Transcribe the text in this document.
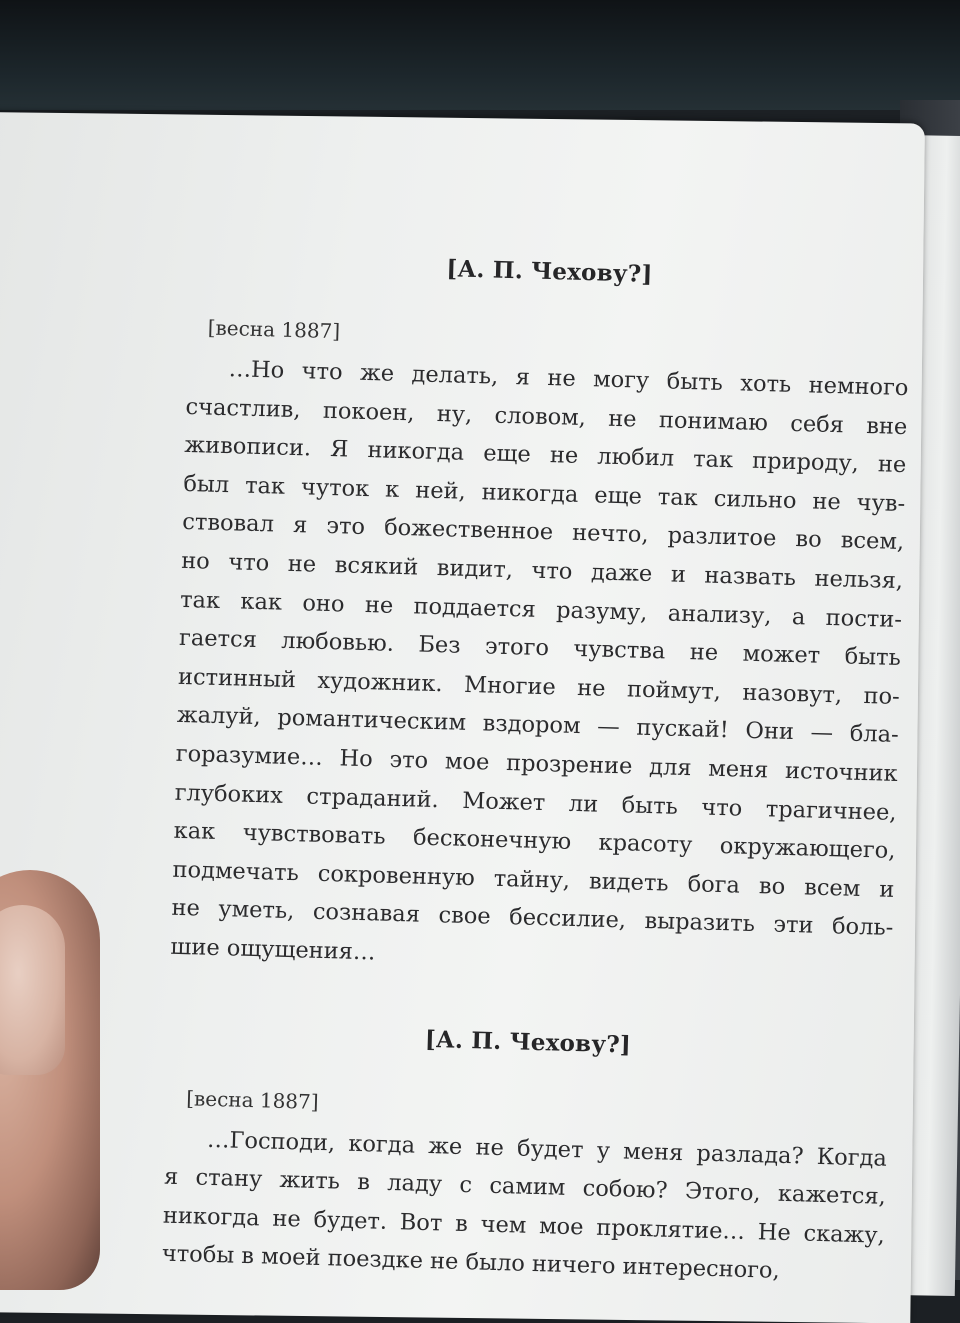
[А. П. Чехову?]
[весна 1887]
…Но что же делать, я не могу быть хоть немного
счастлив, покоен, ну, словом, не понимаю себя вне
живописи. Я никогда еще не любил так природу, не
был так чуток к ней, никогда еще так сильно не чув-
ствовал я это божественное нечто, разлитое во всем,
но что не всякий видит, что даже и назвать нельзя,
так как оно не поддается разуму, анализу, а пости-
гается любовью. Без этого чувства не может быть
истинный художник. Многие не поймут, назовут, по-
жалуй, романтическим вздором — пускай! Они — бла-
горазумие… Но это мое прозрение для меня источник
глубоких страданий. Может ли быть что трагичнее,
как чувствовать бесконечную красоту окружающего,
подмечать сокровенную тайну, видеть бога во всем и
не уметь, сознавая свое бессилие, выразить эти боль-
шие ощущения…
[А. П. Чехову?]
[весна 1887]
…Господи, когда же не будет у меня разлада? Когда
я стану жить в ладу с самим собою? Этого, кажется,
никогда не будет. Вот в чем мое проклятие… Не скажу,
чтобы в моей поездке не было ничего интересного,
